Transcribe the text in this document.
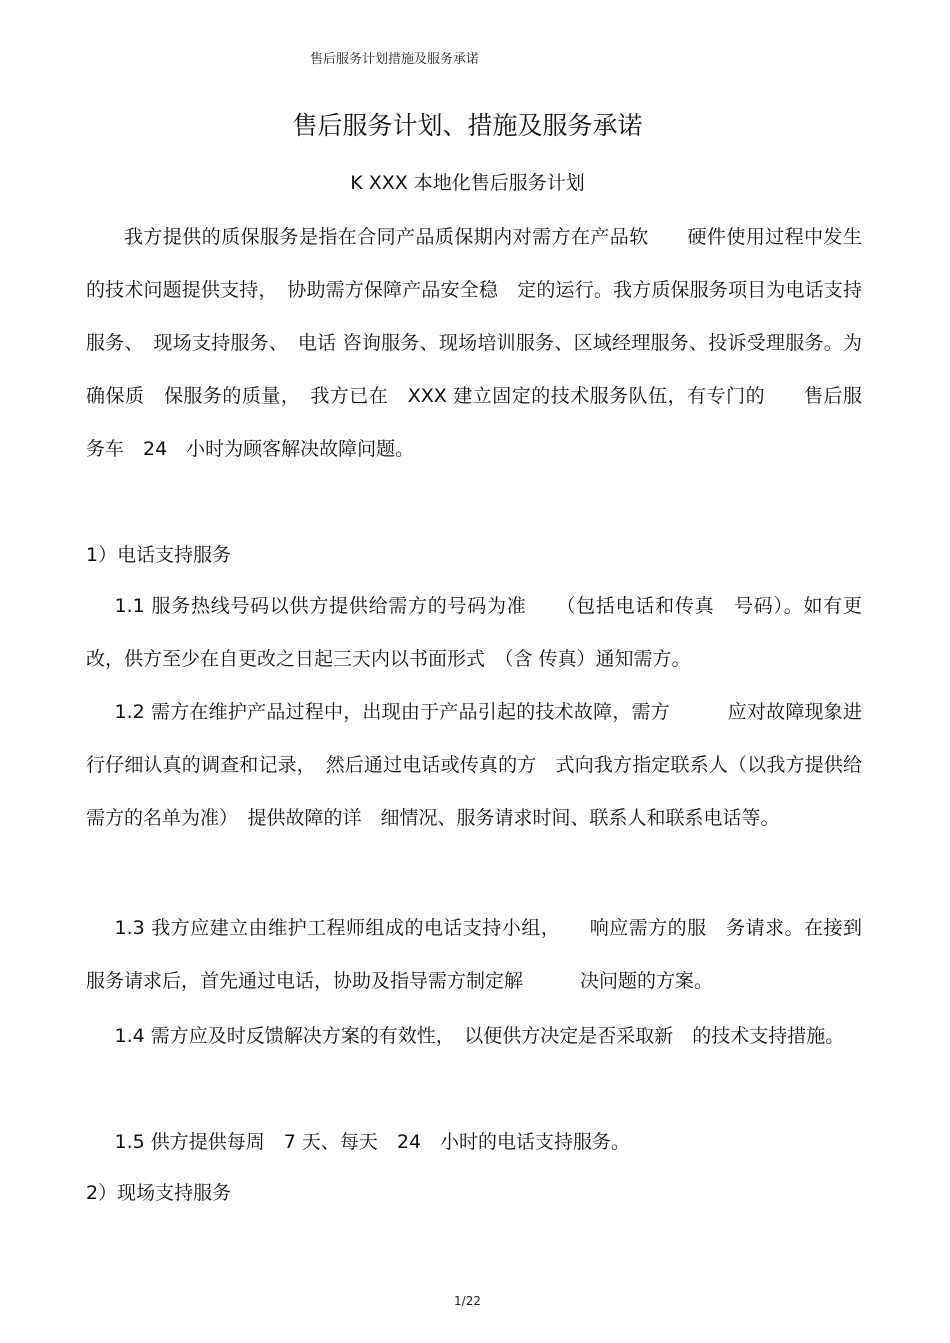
售后服务计划措施及服务承诺
售后服务计划、措施及服务承诺
K XXX 本地化售后服务计划
我方提供的质保服务是指在合同产品质保期内对需方在产品软　　硬件使用过程中发生的技术问题提供支持，　协助需方保障产品安全稳　定的运行。我方质保服务项目为电话支持服务、　现场支持服务、　电话 咨询服务、现场培训服务、区域经理服务、投诉受理服务。为确保质　保服务的质量，　我方已在　XXX 建立固定的技术服务队伍，有专门的　　售后服务车　24　小时为顾客解决故障问题。
1）电话支持服务
1.1 服务热线号码以供方提供给需方的号码为准　　（包括电话和传真　号码）。如有更改，供方至少在自更改之日起三天内以书面形式　（含 传真）通知需方。
1.2 需方在维护产品过程中，出现由于产品引起的技术故障，需方　　　应对故障现象进行仔细认真的调查和记录，　然后通过电话或传真的方　式向我方指定联系人（以我方提供给需方的名单为准）　提供故障的详　细情况、服务请求时间、联系人和联系电话等。
1.3 我方应建立由维护工程师组成的电话支持小组，　　响应需方的服　务请求。在接到服务请求后，首先通过电话，协助及指导需方制定解　　　决问题的方案。
1.4 需方应及时反馈解决方案的有效性，　以便供方决定是否采取新　的技术支持措施。
1.5 供方提供每周　7 天、每天　24　小时的电话支持服务。
2）现场支持服务
1/22
